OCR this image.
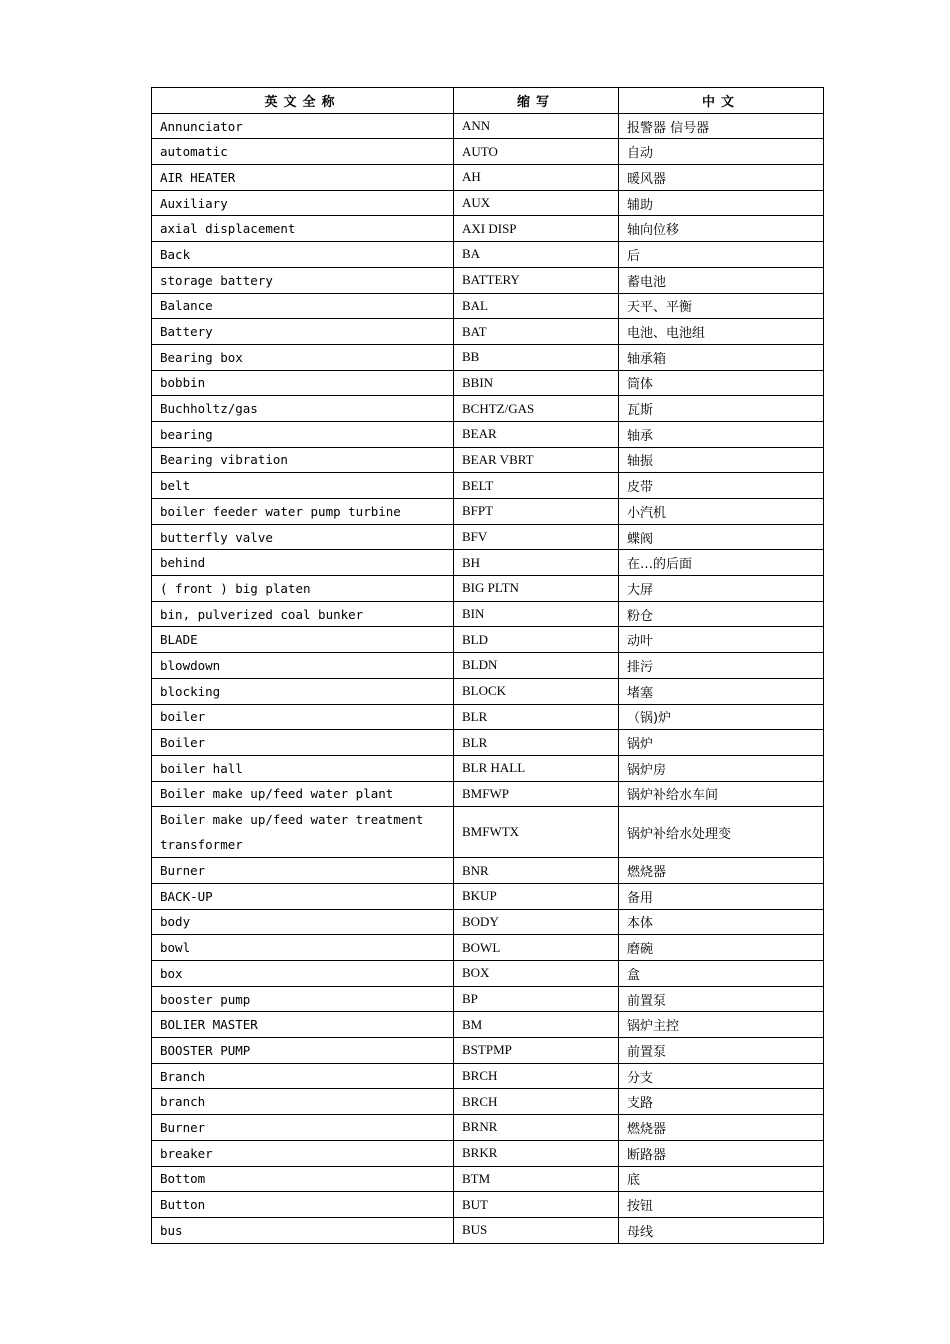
英文全称	缩写	中文
Annunciator	ANN	报警器 信号器
automatic	AUTO	自动
AIR HEATER	AH	暖风器
Auxiliary	AUX	辅助
axial displacement	AXI DISP	轴向位移
Back	BA	后
storage battery	BATTERY	蓄电池
Balance	BAL	天平、平衡
Battery	BAT	电池、电池组
Bearing box	BB	轴承箱
bobbin	BBIN	筒体
Buchholtz/gas	BCHTZ/GAS	瓦斯
bearing	BEAR	轴承
Bearing vibration	BEAR VBRT	轴振
belt	BELT	皮带
boiler feeder water pump turbine	BFPT	小汽机
butterfly valve	BFV	蝶阀
behind	BH	在…的后面
( front ) big platen	BIG PLTN	大屏
bin, pulverized coal bunker	BIN	粉仓
BLADE	BLD	动叶
blowdown	BLDN	排污
blocking	BLOCK	堵塞
boiler	BLR	（锅)炉
Boiler	BLR	锅炉
boiler hall	BLR HALL	锅炉房
Boiler make up/feed water plant	BMFWP	锅炉补给水车间
Boiler make up/feed water treatment transformer	BMFWTX	锅炉补给水处理变
Burner	BNR	燃烧器
BACK-UP	BKUP	备用
body	BODY	本体
bowl	BOWL	磨碗
box	BOX	盒
booster pump	BP	前置泵
BOLIER MASTER	BM	锅炉主控
BOOSTER PUMP	BSTPMP	前置泵
Branch	BRCH	分支
branch	BRCH	支路
Burner	BRNR	燃烧器
breaker	BRKR	断路器
Bottom	BTM	底
Button	BUT	按钮
bus	BUS	母线
